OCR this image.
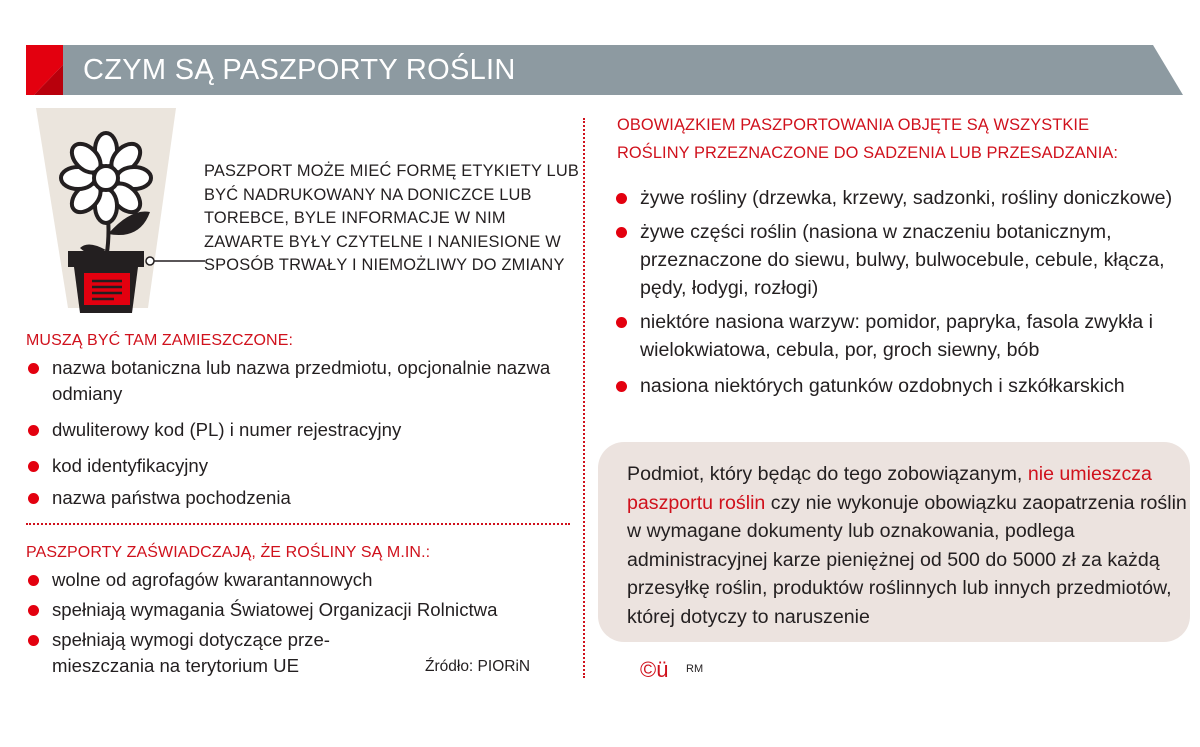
CZYM SĄ PASZPORTY ROŚLIN
PASZPORT MOŻE MIEĆ FORMĘ ETYKIETY LUB BYĆ NADRUKOWANY NA DONICZCE LUB TOREBCE, BYLE INFORMACJE W NIM ZAWARTE BYŁY CZYTELNE I NANIESIONE W SPOSÓB TRWAŁY I NIEMOŻLIWY DO ZMIANY
MUSZĄ BYĆ TAM ZAMIESZCZONE:
nazwa botaniczna lub nazwa przedmiotu, opcjonalnie nazwa odmiany
dwuliterowy kod (PL) i numer rejestracyjny
kod identyfikacyjny
nazwa państwa pochodzenia
PASZPORTY ZAŚWIADCZAJĄ, ŻE ROŚLINY SĄ M.IN.:
wolne od agrofagów kwarantannowych
spełniają wymagania Światowej Organizacji Rolnictwa
spełniają wymogi dotyczące prze- mieszczania na terytorium UE	Źródło: PIORiN
OBOWIĄZKIEM PASZPORTOWANIA OBJĘTE SĄ WSZYSTKIE
ROŚLINY PRZEZNACZONE DO SADZENIA LUB PRZESADZANIA:
żywe rośliny (drzewka, krzewy, sadzonki, rośliny doniczkowe)
żywe części roślin (nasiona w znaczeniu botanicznym, przeznaczone do siewu, bulwy, bulwocebule, cebule, kłącza, pędy, łodygi, rozłogi)
niektóre nasiona warzyw: pomidor, papryka, fasola zwykła i wielokwiatowa, cebula, por, groch siewny, bób
nasiona niektórych gatunków ozdobnych i szkółkarskich
Podmiot, który będąc do tego zobowiązanym, nie umieszcza paszportu roślin czy nie wykonuje obowiązku zaopatrzenia roślin w wymagane dokumenty lub oznakowania, podlega administracyjnej karze pieniężnej od 500 do 5000 zł za każdą przesyłkę roślin, produktów roślinnych lub innych przedmiotów, której dotyczy to naruszenie
©ü RM
